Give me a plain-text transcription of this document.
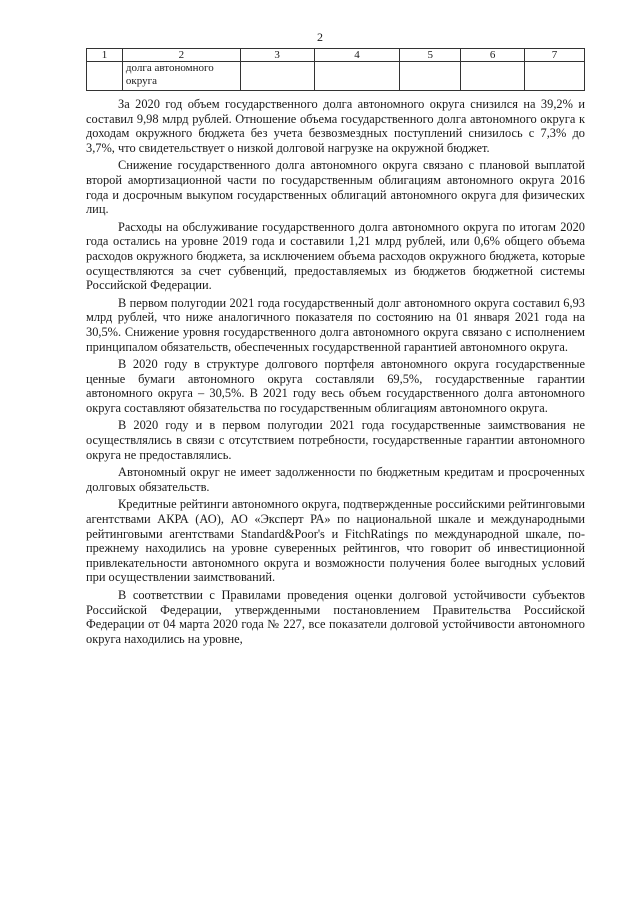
2
1	2	3	4	5	6	7
	долга автономного округа					

За 2020 год объем государственного долга автономного округа снизился на 39,2% и составил 9,98 млрд рублей. Отношение объема государственного долга автономного округа к доходам окружного бюджета без учета безвозмездных поступлений снизилось с 7,3% до 3,7%, что свидетельствует о низкой долговой нагрузке на окружной бюджет.

Снижение государственного долга автономного округа связано с плановой выплатой второй амортизационной части по государственным облигациям автономного округа 2016 года и досрочным выкупом государственных облигаций автономного округа для физических лиц.

Расходы на обслуживание государственного долга автономного округа по итогам 2020 года остались на уровне 2019 года и составили 1,21 млрд рублей, или 0,6% общего объема расходов окружного бюджета, за исключением объема расходов окружного бюджета, которые осуществляются за счет субвенций, предоставляемых из бюджетов бюджетной системы Российской Федерации.

В первом полугодии 2021 года государственный долг автономного округа составил 6,93 млрд рублей, что ниже аналогичного показателя по состоянию на 01 января 2021 года на 30,5%. Снижение уровня государственного долга автономного округа связано с исполнением принципалом обязательств, обеспеченных государственной гарантией автономного округа.

В 2020 году в структуре долгового портфеля автономного округа государственные ценные бумаги автономного округа составляли 69,5%, государственные гарантии автономного округа – 30,5%. В 2021 году весь объем государственного долга автономного округа составляют обязательства по государственным облигациям автономного округа.

В 2020 году и в первом полугодии 2021 года государственные заимствования не осуществлялись в связи с отсутствием потребности, государственные гарантии автономного округа не предоставлялись.

Автономный округ не имеет задолженности по бюджетным кредитам и просроченных долговых обязательств.

Кредитные рейтинги автономного округа, подтвержденные российскими рейтинговыми агентствами АКРА (АО), АО «Эксперт РА» по национальной шкале и международными рейтинговыми агентствами Standard&Poor's и FitchRatings по международной шкале, по-прежнему находились на уровне суверенных рейтингов, что говорит об инвестиционной привлекательности автономного округа и возможности получения более выгодных условий при осуществлении заимствований.

В соответствии с Правилами проведения оценки долговой устойчивости субъектов Российской Федерации, утвержденными постановлением Правительства Российской Федерации от 04 марта 2020 года № 227, все показатели долговой устойчивости автономного округа находились на уровне,
